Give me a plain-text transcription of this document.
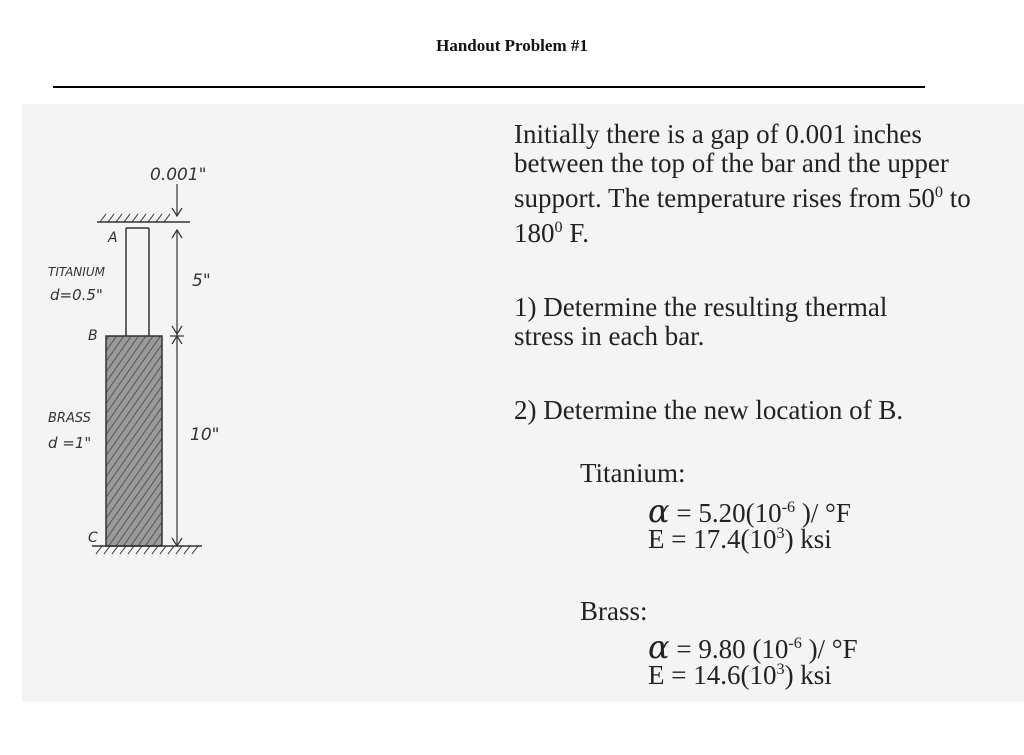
Handout Problem #1
0.001"
A
TITANIUM
d=0.5"
5"
B
BRASS
d =1"	10"
C

Initially there is a gap of 0.001 inches between the top of the bar and the upper support. The temperature rises from $50^0$ to $180^0$ F.

1) Determine the resulting thermal stress in each bar.

2) Determine the new location of B.

Titanium:
$\alpha = 5.20(10^{-6}$ )/ °F
$E = 17.4(10^3)$ ksi
Brass:
α = 9.80 ($10^{-6}$ )/ °F
$E = 14.6(10^3)$ ksi
